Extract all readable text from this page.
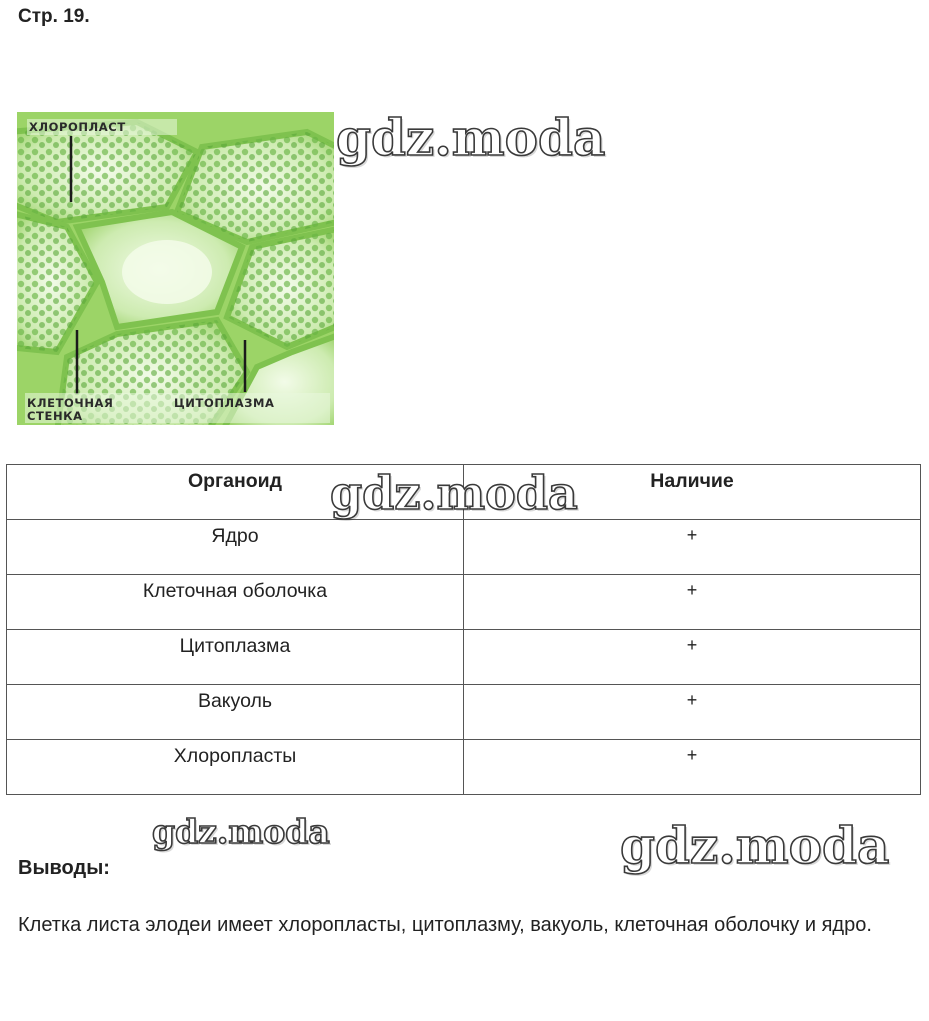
Стр. 19.
ХЛОРОПЛАСТ
КЛЕТОЧНАЯ
СТЕНКА
ЦИТОПЛАЗМА
gdz.moda
Органоид	Наличие
Ядро	+
Клеточная оболочка	+
Цитоплазма	+
Вакуоль	+
Хлоропласты	+
gdz.moda
gdz.moda	gdz.moda
Выводы:
Клетка листа элодеи имеет хлоропласты, цитоплазму, вакуоль, клеточная оболочку и ядро.
